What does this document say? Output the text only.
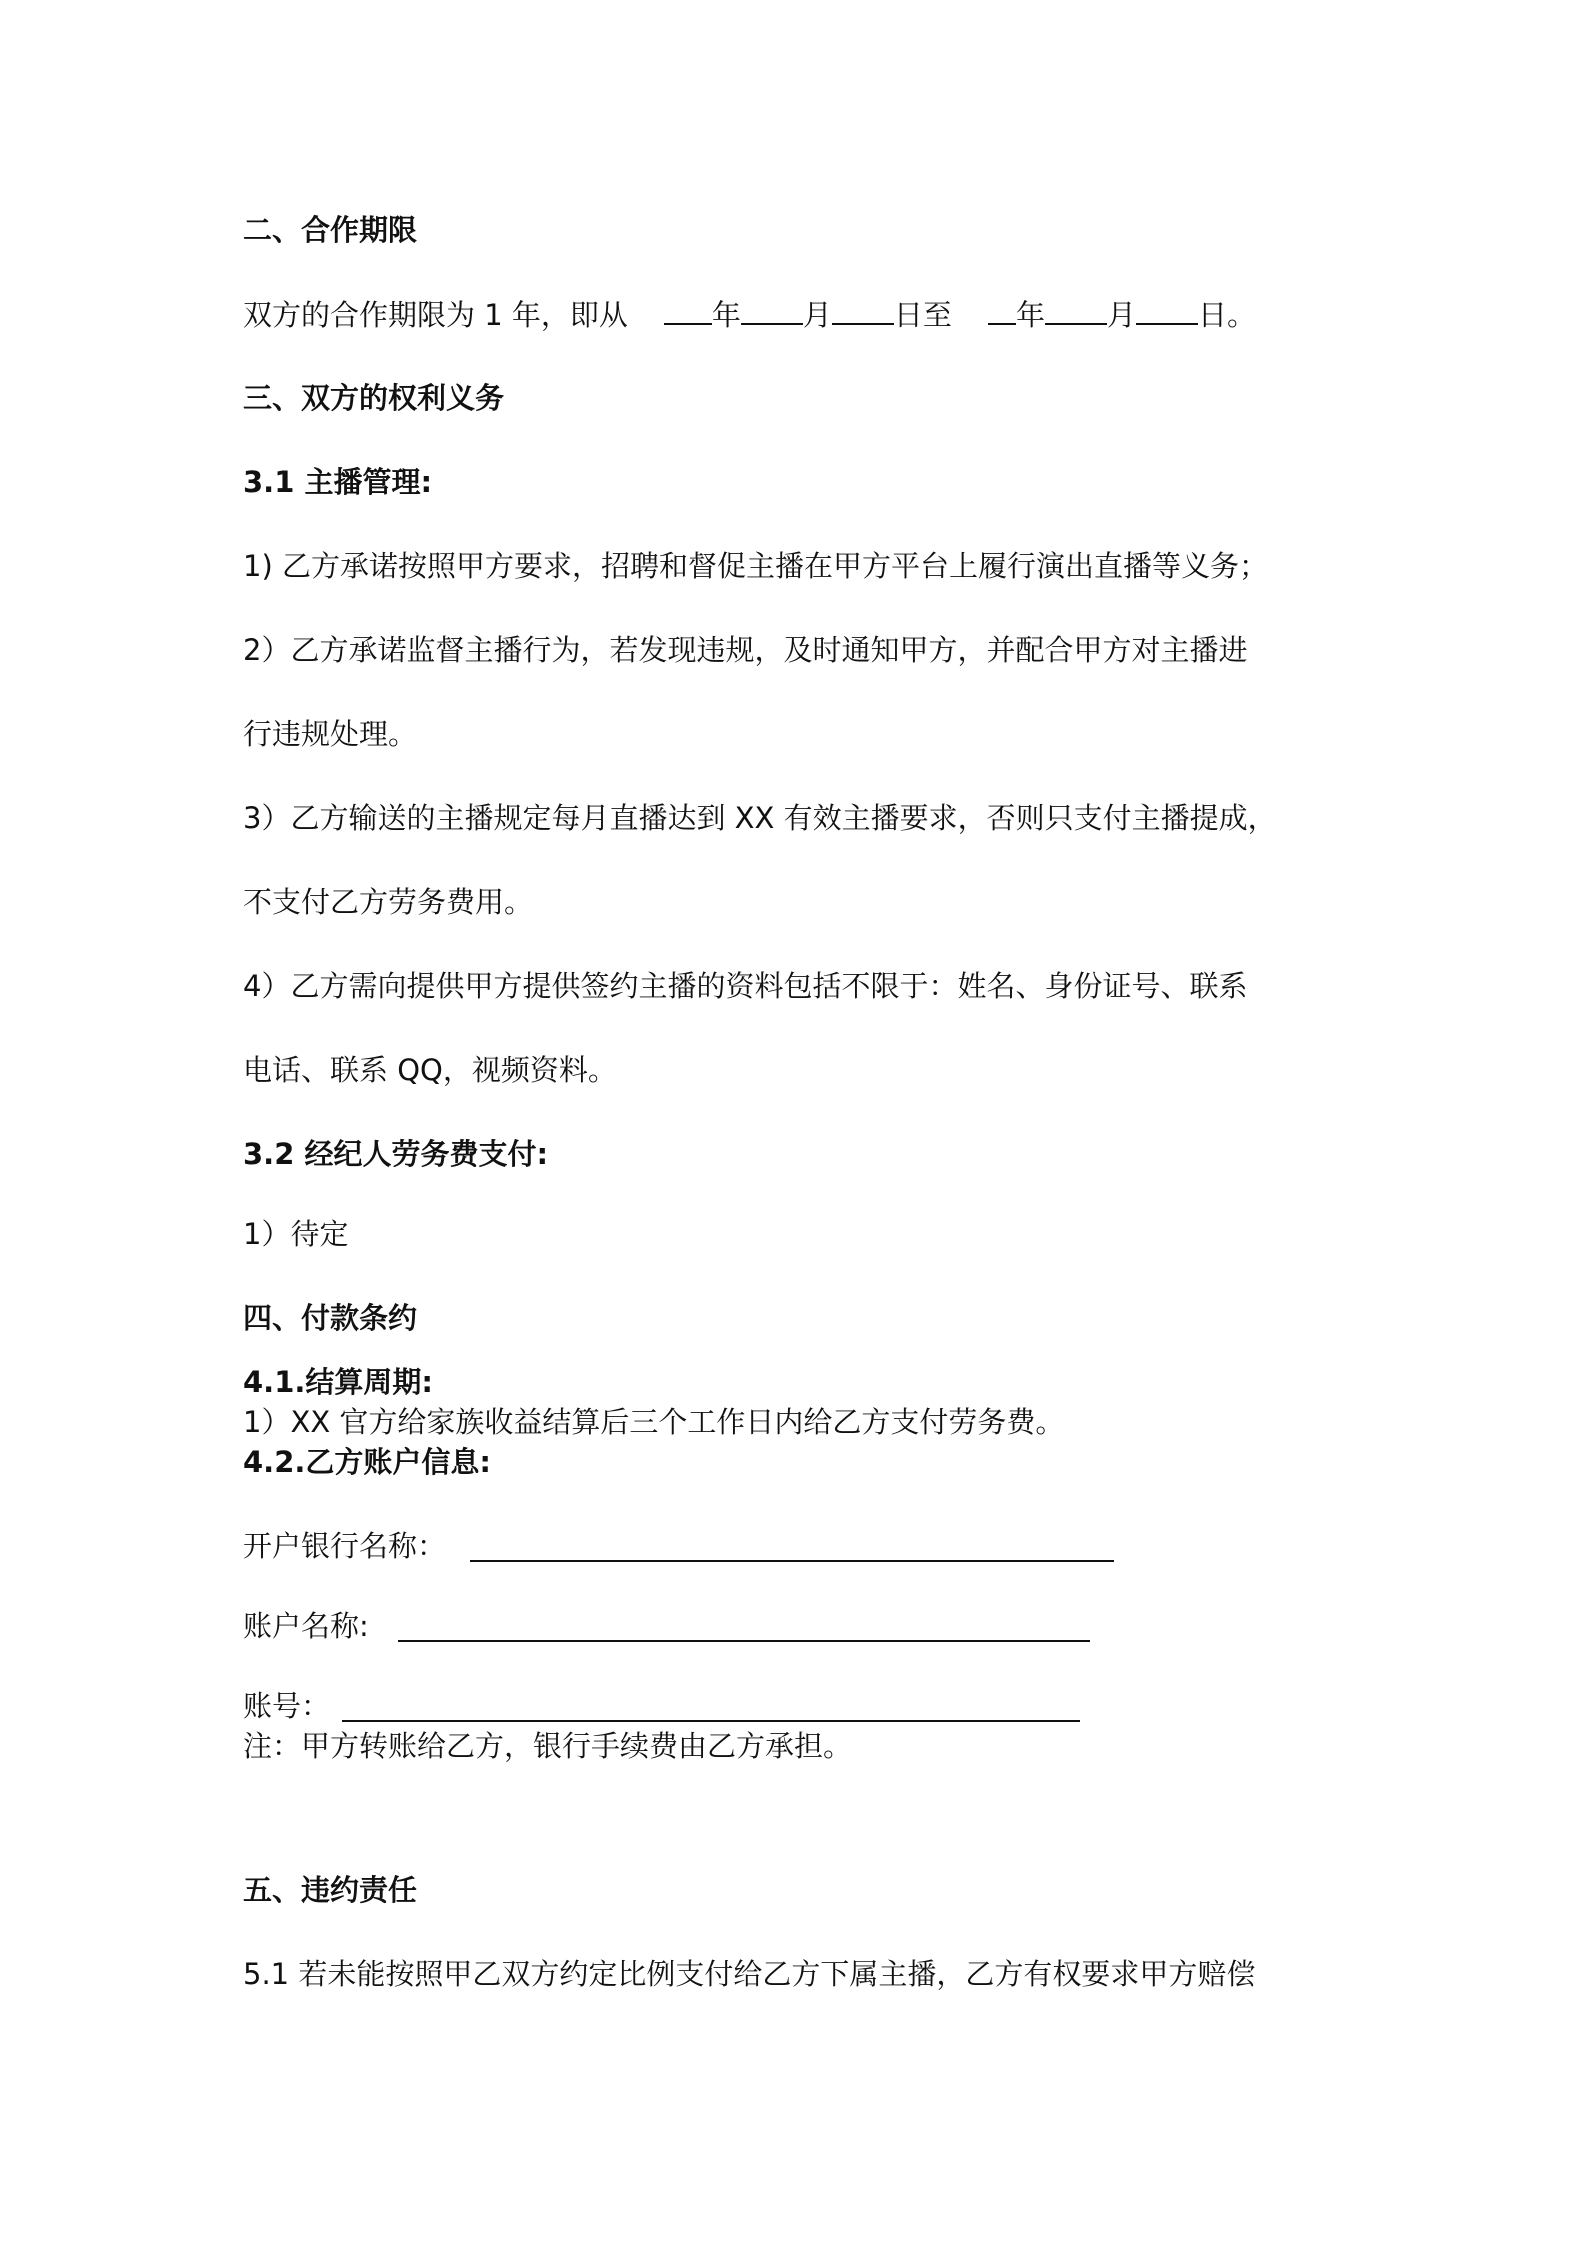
二、合作期限

双方的合作期限为 1 年，即从	年 月 日至 年 月 日。

三、双方的权利义务

3.1 主播管理:

1) 乙方承诺按照甲方要求，招聘和督促主播在甲方平台上履行演出直播等义务；

2）乙方承诺监督主播行为，若发现违规，及时通知甲方，并配合甲方对主播进

行违规处理。

3）乙方输送的主播规定每月直播达到 XX 有效主播要求，否则只支付主播提成，

不支付乙方劳务费用。

4）乙方需向提供甲方提供签约主播的资料包括不限于：姓名、身份证号、联系

电话、联系 QQ，视频资料。

3.2 经纪人劳务费支付:

1）待定

四、付款条约

4.1.结算周期:

1）XX 官方给家族收益结算后三个工作日内给乙方支付劳务费。

4.2.乙方账户信息:

开户银行名称：

账户名称:

账号：

注：甲方转账给乙方，银行手续费由乙方承担。

五、违约责任

5.1 若未能按照甲乙双方约定比例支付给乙方下属主播，乙方有权要求甲方赔偿
